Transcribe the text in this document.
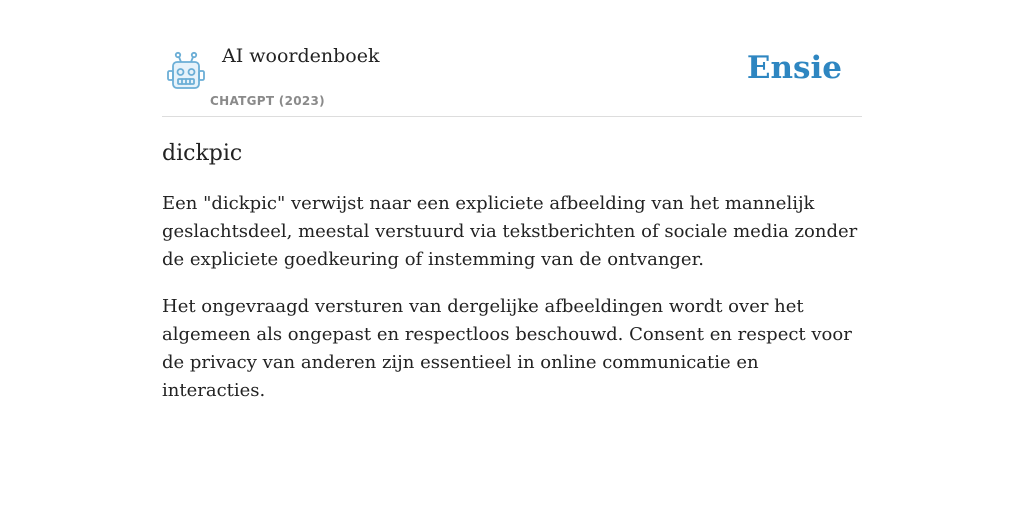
AI woordenboek
CHATGPT (2023)
Ensie
dickpic

Een "dickpic" verwijst naar een expliciete afbeelding van het mannelijk geslachtsdeel, meestal verstuurd via tekstberichten of sociale media zonder de expliciete goedkeuring of instemming van de ontvanger.

Het ongevraagd versturen van dergelijke afbeeldingen wordt over het algemeen als ongepast en respectloos beschouwd. Consent en respect voor de privacy van anderen zijn essentieel in online communicatie en interacties.
